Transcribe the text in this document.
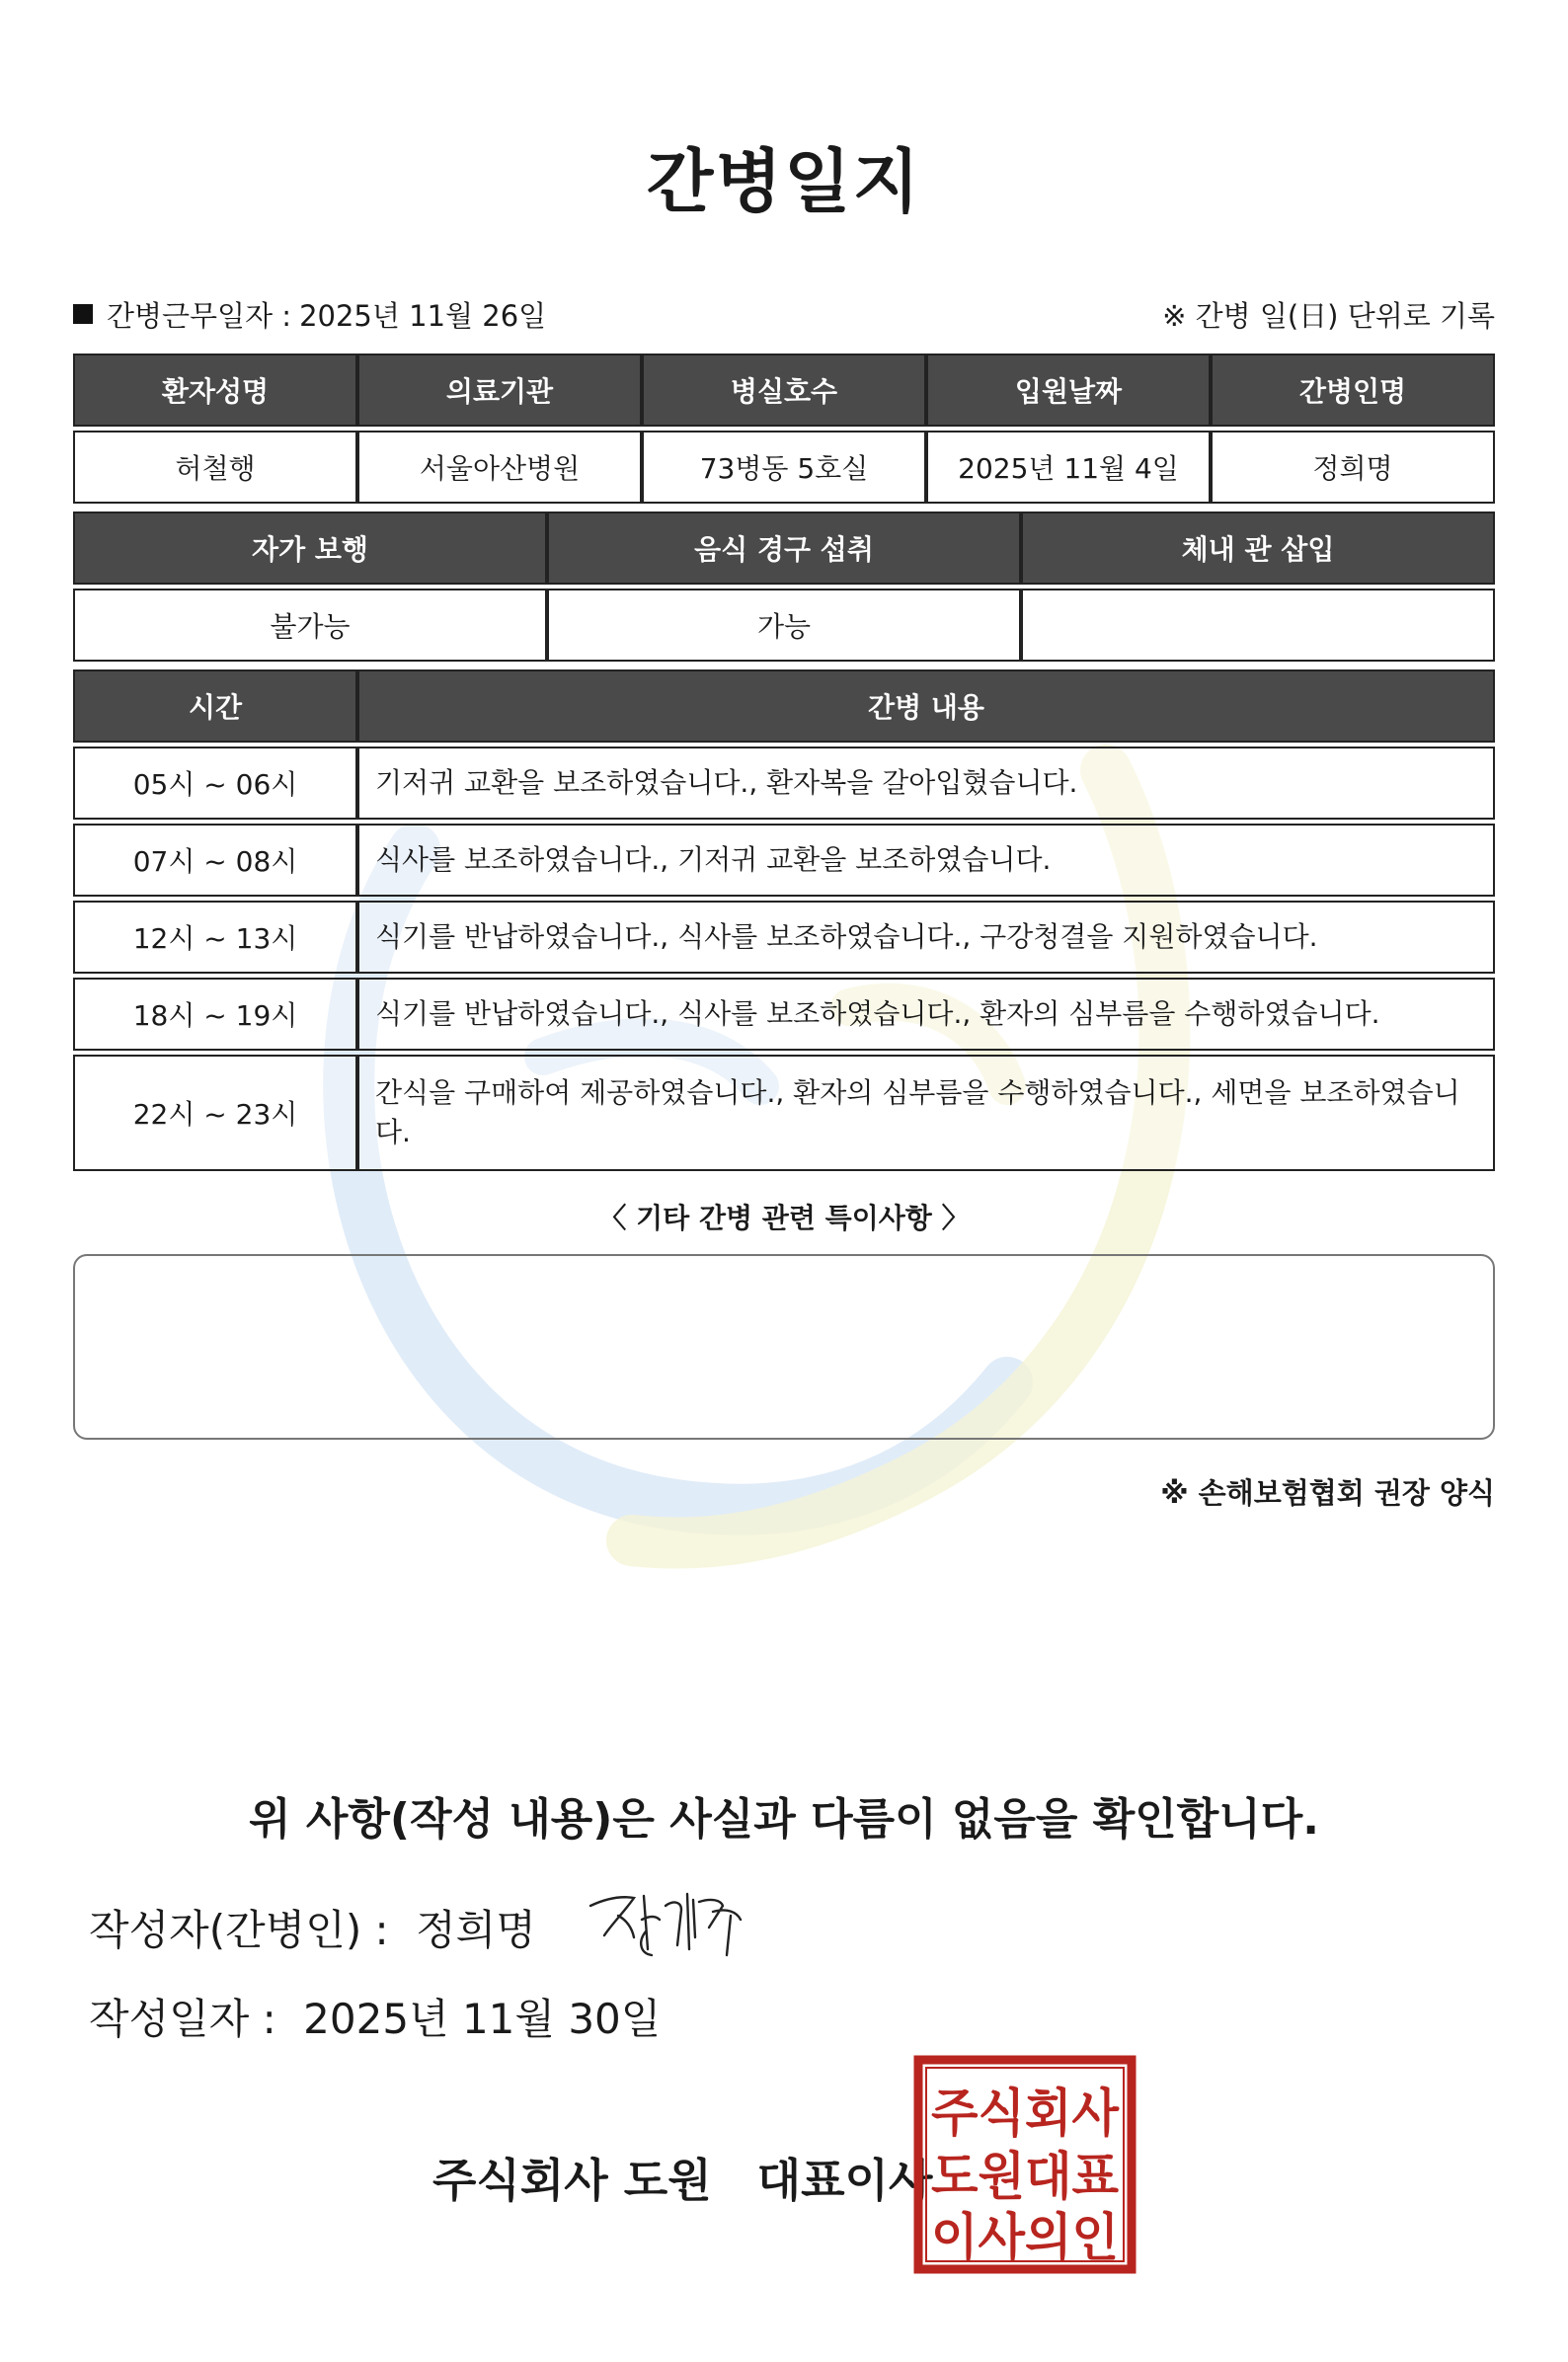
간병일지
간병근무일자 : 2025년 11월 26일	※ 간병 일(日) 단위로 기록
환자성명	의료기관	병실호수	입원날짜	간병인명
허철행	서울아산병원	73병동 5호실	2025년 11월 4일	정희명
자가 보행	음식 경구 섭취	체내 관 삽입
불가능	가능	
시간	간병 내용
05시 ~ 06시	기저귀 교환을 보조하였습니다., 환자복을 갈아입혔습니다.
07시 ~ 08시	식사를 보조하였습니다., 기저귀 교환을 보조하였습니다.
12시 ~ 13시	식기를 반납하였습니다., 식사를 보조하였습니다., 구강청결을 지원하였습니다.
18시 ~ 19시	식기를 반납하였습니다., 식사를 보조하였습니다., 환자의 심부름을 수행하였습니다.
22시 ~ 23시	간식을 구매하여 제공하였습니다., 환자의 심부름을 수행하였습니다., 세면을 보조하였습니다.
〈 기타 간병 관련 특이사항 〉
※ 손해보험협회 권장 양식
위 사항(작성 내용)은 사실과 다름이 없음을 확인합니다.
작성자(간병인) : 정희명
작성일자 : 2025년 11월 30일
주식회사 도원 대표이사
주식회사
도원대표
이사의인
